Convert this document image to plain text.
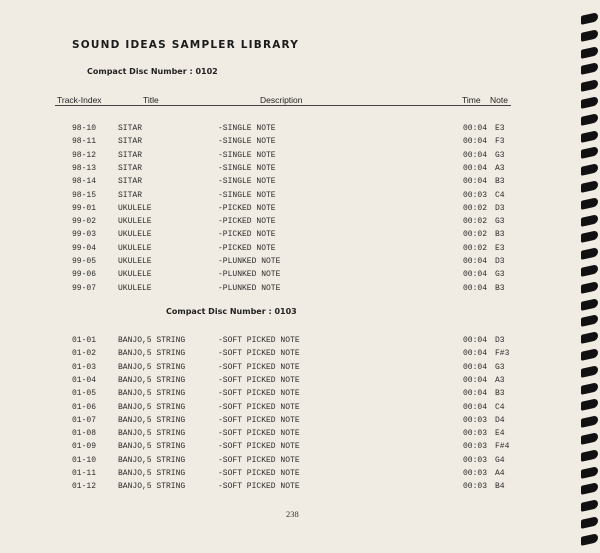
SOUND IDEAS SAMPLER LIBRARY
Compact Disc Number : 0102
Track-Index	Title	Description	Time Note
98-10	SITAR	-SINGLE NOTE	00:04 E3
98-11	SITAR	-SINGLE NOTE	00:04 F3
98-12	SITAR	-SINGLE NOTE	00:04 G3
98-13	SITAR	-SINGLE NOTE	00:04 A3
98-14	SITAR	-SINGLE NOTE	00:04 B3
98-15	SITAR	-SINGLE NOTE	00:03 C4
99-01	UKULELE	-PICKED NOTE	00:02 D3
99-02	UKULELE	-PICKED NOTE	00:02 G3
99-03	UKULELE	-PICKED NOTE	00:02 B3
99-04	UKULELE	-PICKED NOTE	00:02 E3
99-05	UKULELE	-PLUNKED NOTE	00:04 D3
99-06	UKULELE	-PLUNKED NOTE	00:04 G3
99-07	UKULELE	-PLUNKED NOTE	00:04 B3
Compact Disc Number : 0103
01-01	BANJO,5 STRING	-SOFT PICKED NOTE	00:04 D3
01-02	BANJO,5 STRING	-SOFT PICKED NOTE	00:04 F#3
01-03	BANJO,5 STRING	-SOFT PICKED NOTE	00:04 G3
01-04	BANJO,5 STRING	-SOFT PICKED NOTE	00:04 A3
01-05	BANJO,5 STRING	-SOFT PICKED NOTE	00:04 B3
01-06	BANJO,5 STRING	-SOFT PICKED NOTE	00:04 C4
01-07	BANJO,5 STRING	-SOFT PICKED NOTE	00:03 D4
01-08	BANJO,5 STRING	-SOFT PICKED NOTE	00:03 E4
01-09	BANJO,5 STRING	-SOFT PICKED NOTE	00:03 F#4
01-10	BANJO,5 STRING	-SOFT PICKED NOTE	00:03 G4
01-11	BANJO,5 STRING	-SOFT PICKED NOTE	00:03 A4
01-12	BANJO,5 STRING	-SOFT PICKED NOTE	00:03 B4
238
